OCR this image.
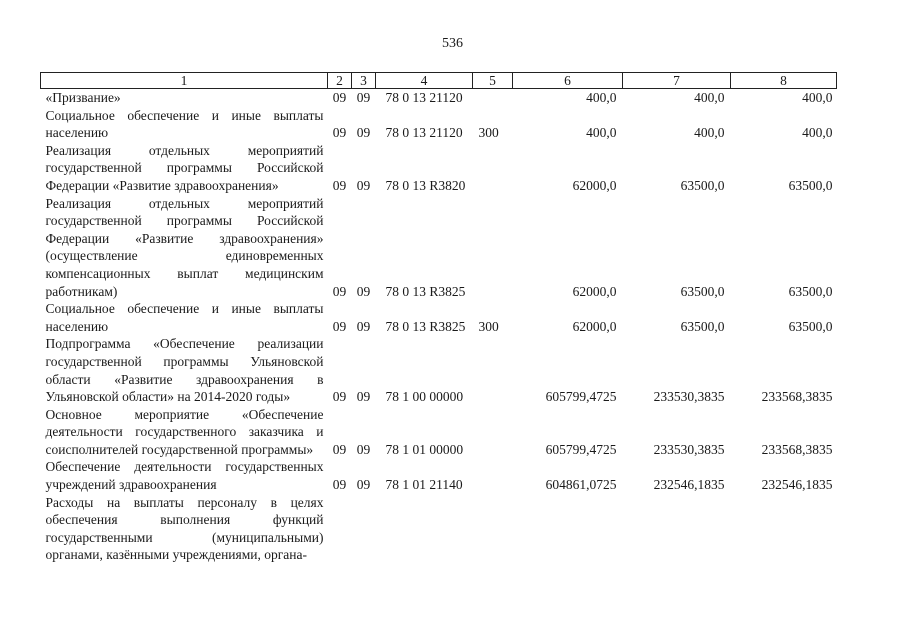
536
1	2	3	4	5	6	7	8
«Призвание»	09	09	78 0 13 21120		400,0	400,0	400,0
Социальное обеспечение и иные выплаты населению	09	09	78 0 13 21120	300	400,0	400,0	400,0
Реализация отдельных мероприятий государственной программы Российской Федерации «Развитие здравоохранения»	09	09	78 0 13 R3820		62000,0	63500,0	63500,0
Реализация отдельных мероприятий государственной программы Российской Федерации «Развитие здравоохранения» (осуществление единовременных компенсационных выплат медицинским работникам)	09	09	78 0 13 R3825		62000,0	63500,0	63500,0
Социальное обеспечение и иные выплаты населению	09	09	78 0 13 R3825	300	62000,0	63500,0	63500,0
Подпрограмма «Обеспечение реализации государственной программы Ульяновской области «Развитие здравоохранения в Ульяновской области» на 2014-2020 годы»	09	09	78 1 00 00000		605799,4725	233530,3835	233568,3835
Основное мероприятие «Обеспечение деятельности государственного заказчика и соисполнителей государственной программы»	09	09	78 1 01 00000		605799,4725	233530,3835	233568,3835
Обеспечение деятельности государственных учреждений здравоохранения	09	09	78 1 01 21140		604861,0725	232546,1835	232546,1835
Расходы на выплаты персоналу в целях обеспечения выполнения функций государственными (муниципальными) органами, казёнными учреждениями, органа-							
